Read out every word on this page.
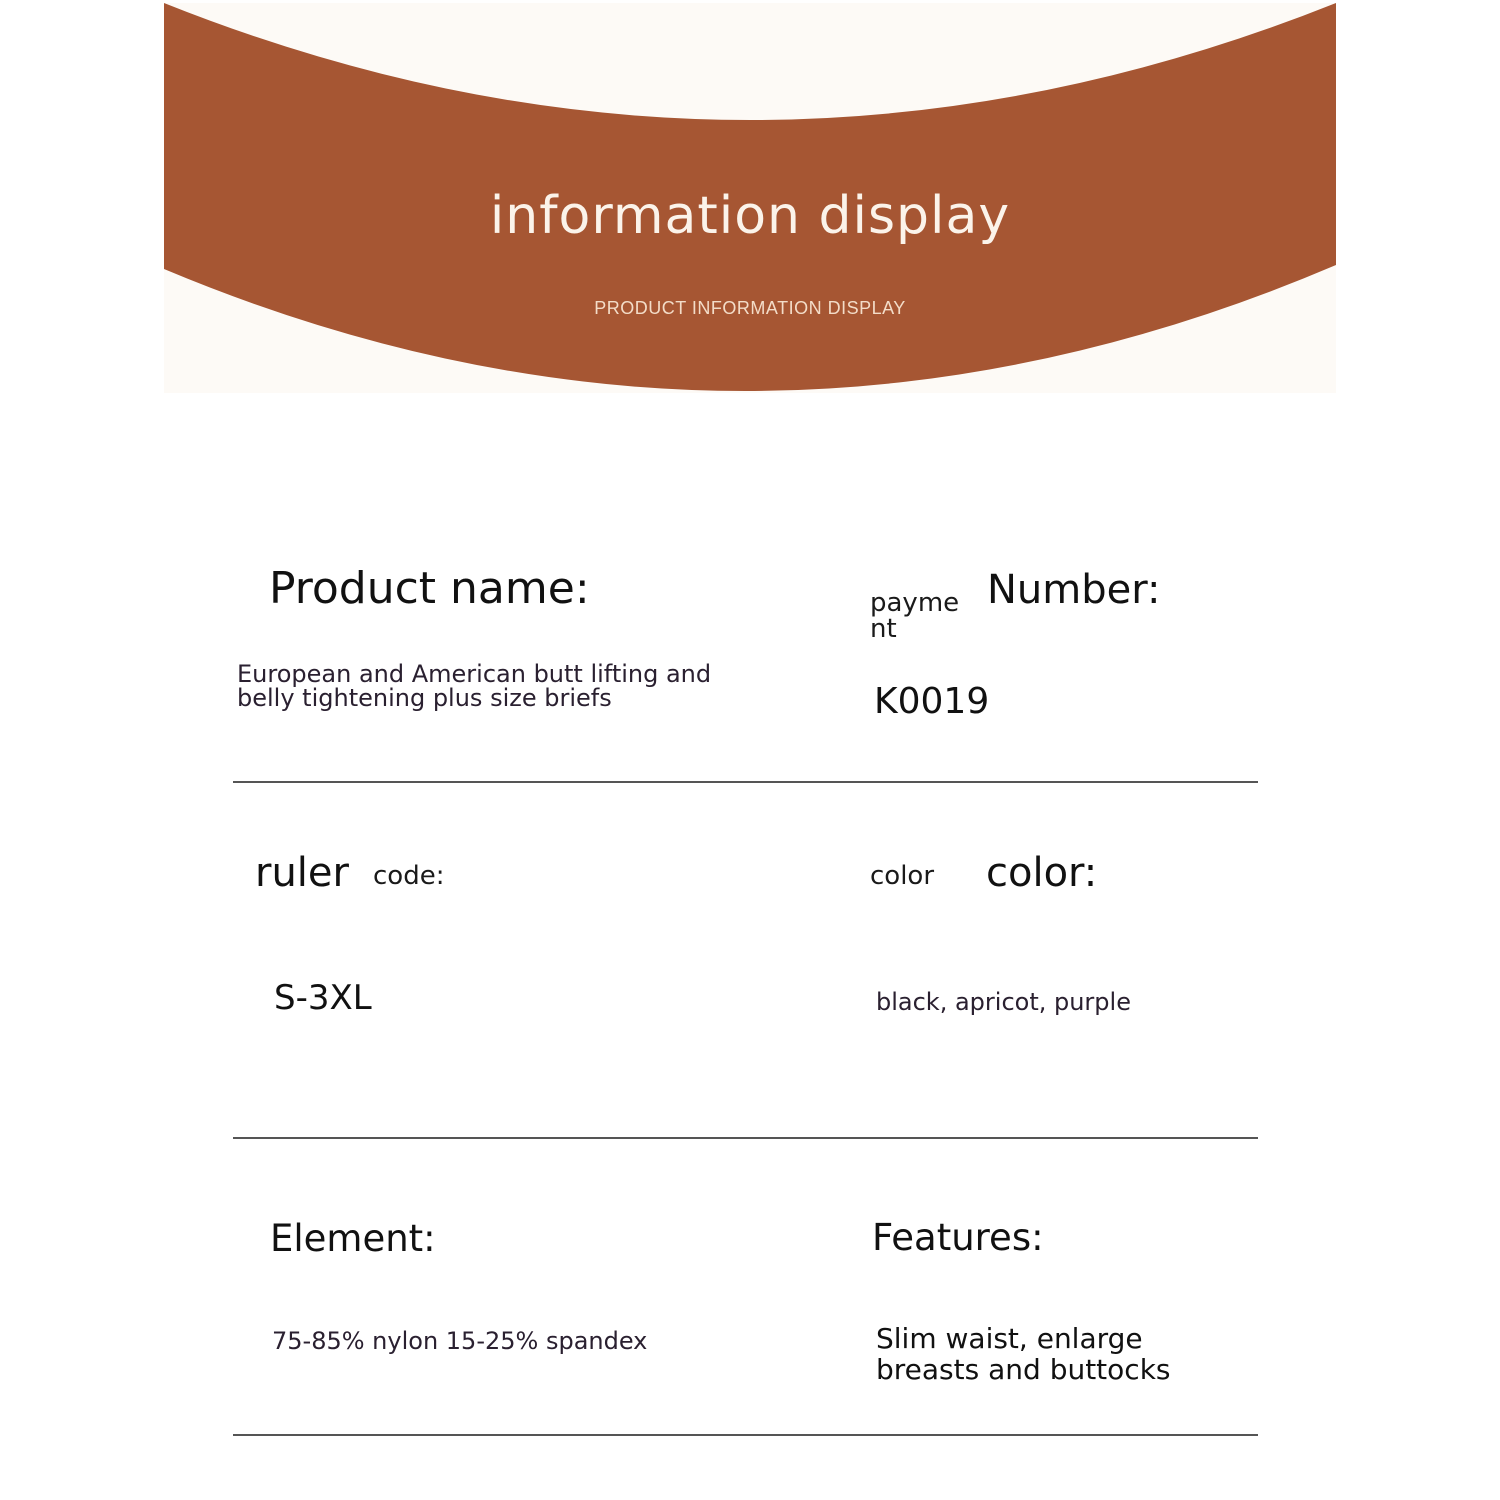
information display
PRODUCT INFORMATION DISPLAY
Product name:
European and American butt lifting and belly tightening plus size briefs
payme
nt
Number:
K0019
ruler code:
S-3XL
color color:
black, apricot, purple
Element:
75-85% nylon 15-25% spandex
Features:
Slim waist, enlarge breasts and buttocks
